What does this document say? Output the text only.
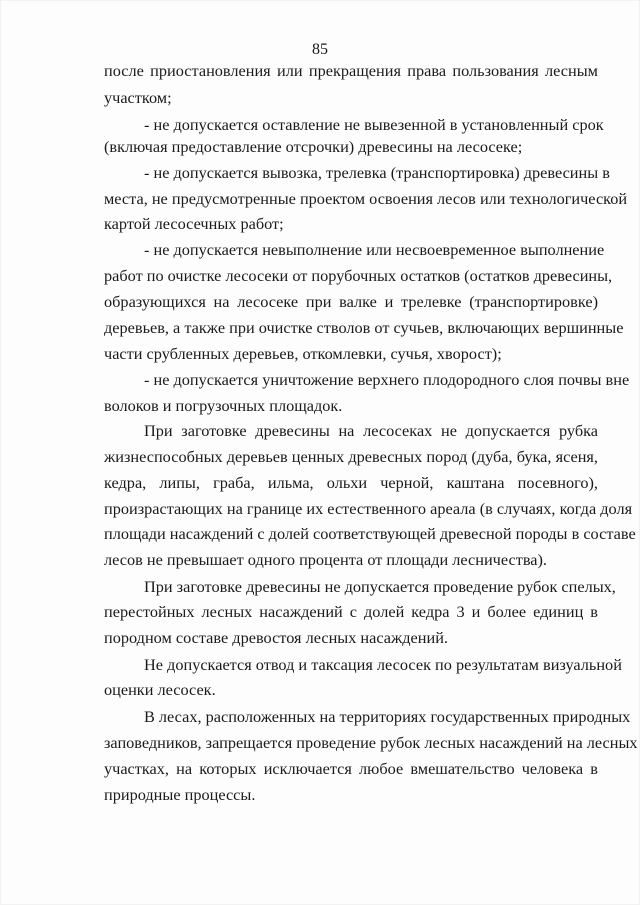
85
после приостановления или прекращения права пользования лесным
участком;
- не допускается оставление не вывезенной в установленный срок
(включая предоставление отсрочки) древесины на лесосеке;
- не допускается вывозка, трелевка (транспортировка) древесины в
места, не предусмотренные проектом освоения лесов или технологической
картой лесосечных работ;
- не допускается невыполнение или несвоевременное выполнение
работ по очистке лесосеки от порубочных остатков (остатков древесины,
образующихся на лесосеке при валке и трелевке (транспортировке)
деревьев, а также при очистке стволов от сучьев, включающих вершинные
части срубленных деревьев, откомлевки, сучья, хворост);
- не допускается уничтожение верхнего плодородного слоя почвы вне
волоков и погрузочных площадок.
При заготовке древесины на лесосеках не допускается рубка
жизнеспособных деревьев ценных древесных пород (дуба, бука, ясеня,
кедра, липы, граба, ильма, ольхи черной, каштана посевного),
произрастающих на границе их естественного ареала (в случаях, когда доля
площади насаждений с долей соответствующей древесной породы в составе
лесов не превышает одного процента от площади лесничества).
При заготовке древесины не допускается проведение рубок спелых,
перестойных лесных насаждений с долей кедра 3 и более единиц в
породном составе древостоя лесных насаждений.
Не допускается отвод и таксация лесосек по результатам визуальной
оценки лесосек.
В лесах, расположенных на территориях государственных природных
заповедников, запрещается проведение рубок лесных насаждений на лесных
участках, на которых исключается любое вмешательство человека в
природные процессы.
